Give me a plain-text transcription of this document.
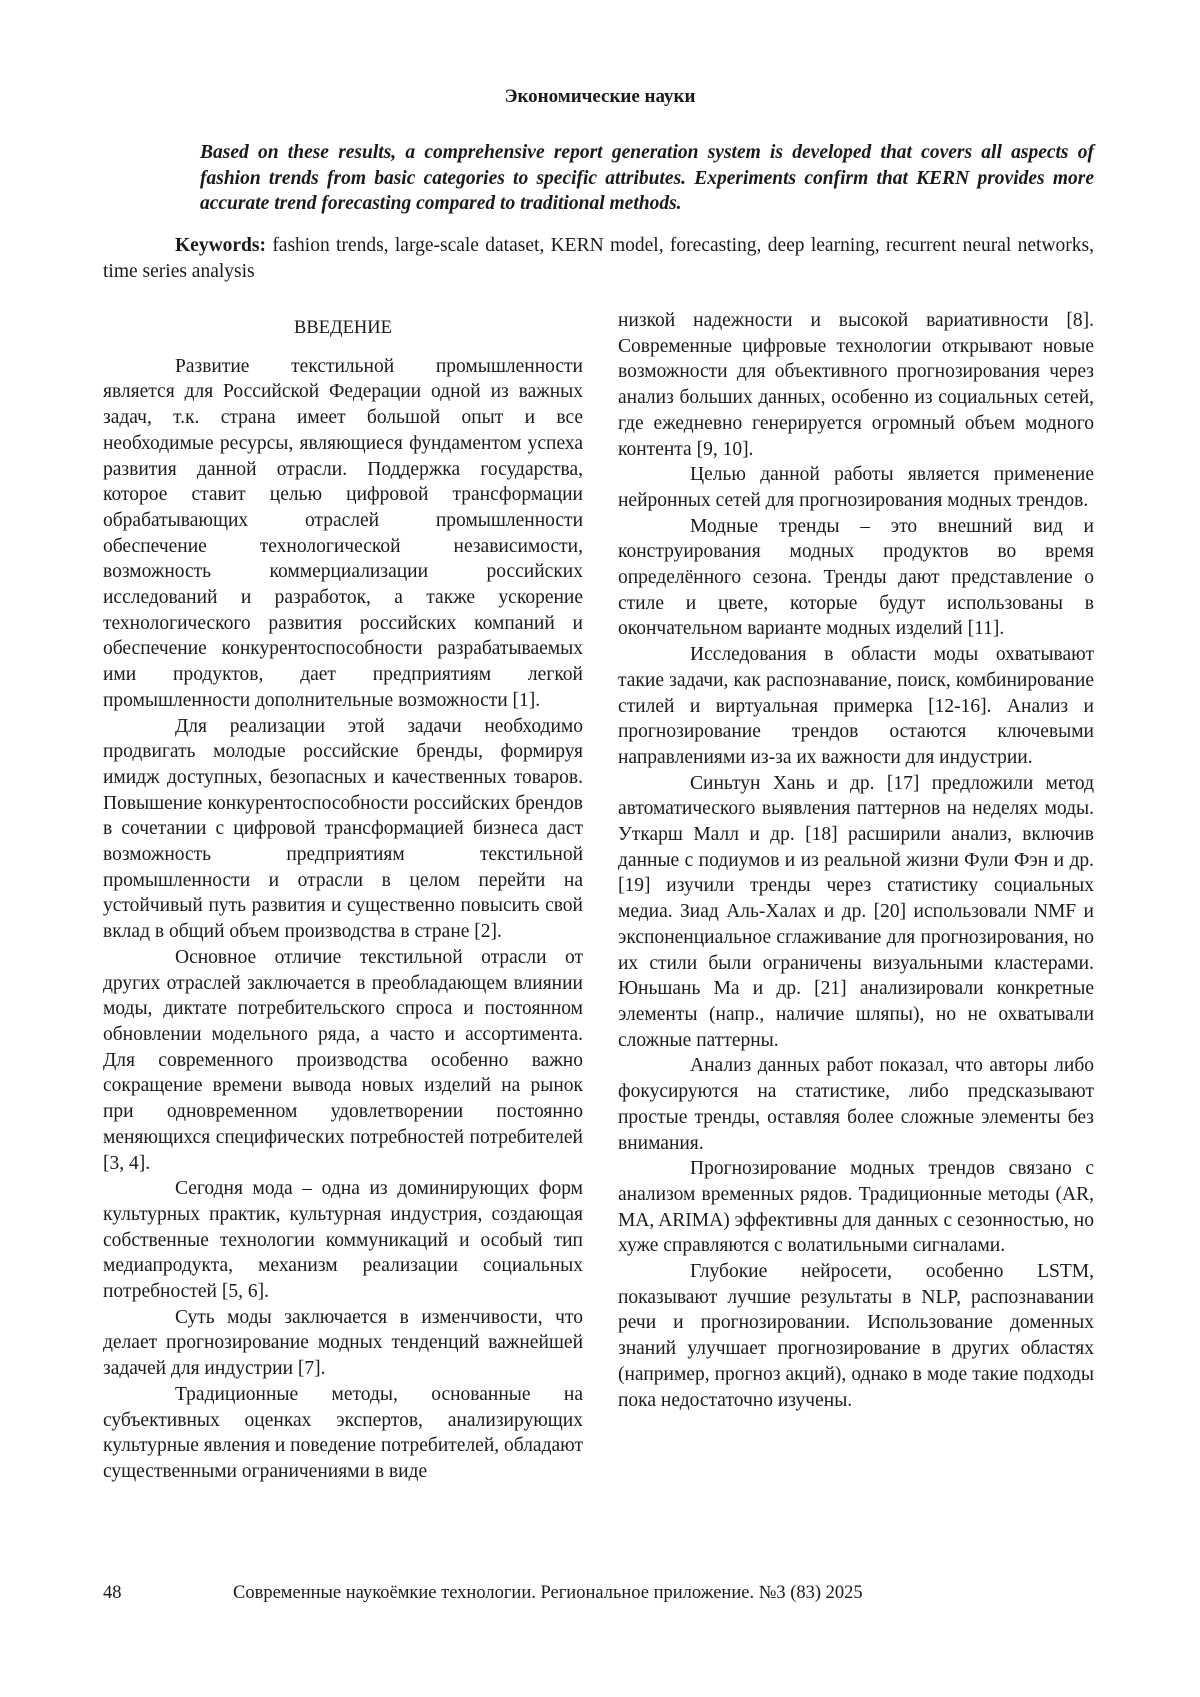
Экономические науки
Based on these results, a comprehensive report generation system is developed that covers all aspects of fashion trends from basic categories to specific attributes. Experiments confirm that KERN provides more accurate trend forecasting compared to traditional methods.
Keywords: fashion trends, large-scale dataset, KERN model, forecasting, deep learning, recurrent neural networks, time series analysis
ВВЕДЕНИЕ

Развитие текстильной промышленности является для Российской Федерации одной из важных задач, т.к. страна имеет большой опыт и все необходимые ресурсы, являющиеся фундаментом успеха развития данной отрасли. Поддержка государства, которое ставит целью цифровой трансформации обрабатывающих отраслей промышленности обеспечение технологической независимости, возможность коммерциализации российских исследований и разработок, а также ускорение технологического развития российских компаний и обеспечение конкурентоспособности разрабатываемых ими продуктов, дает предприятиям легкой промышленности дополнительные возможности [1].

Для реализации этой задачи необходимо продвигать молодые российские бренды, формируя имидж доступных, безопасных и качественных товаров. Повышение конкурентоспособности российских брендов в сочетании с цифровой трансформацией бизнеса даст возможность предприятиям текстильной промышленности и отрасли в целом перейти на устойчивый путь развития и существенно повысить свой вклад в общий объем производства в стране [2].

Основное отличие текстильной отрасли от других отраслей заключается в преобладающем влиянии моды, диктате потребительского спроса и постоянном обновлении модельного ряда, а часто и ассортимента. Для современного производства особенно важно сокращение времени вывода новых изделий на рынок при одновременном удовлетворении постоянно меняющихся специфических потребностей потребителей [3, 4].

Сегодня мода – одна из доминирующих форм культурных практик, культурная индустрия, создающая собственные технологии коммуникаций и особый тип медиапродукта, механизм реализации социальных потребностей [5, 6].

Суть моды заключается в изменчивости, что делает прогнозирование модных тенденций важнейшей задачей для индустрии [7].

Традиционные методы, основанные на субъективных оценках экспертов, анализирующих культурные явления и поведение потребителей, обладают существенными ограничениями в виде

низкой надежности и высокой вариативности [8]. Современные цифровые технологии открывают новые возможности для объективного прогнозирования через анализ больших данных, особенно из социальных сетей, где ежедневно генерируется огромный объем модного контента [9, 10].

Целью данной работы является применение нейронных сетей для прогнозирования модных трендов.

Модные тренды – это внешний вид и конструирования модных продуктов во время определённого сезона. Тренды дают представление о стиле и цвете, которые будут использованы в окончательном варианте модных изделий [11].

Исследования в области моды охватывают такие задачи, как распознавание, поиск, комбинирование стилей и виртуальная примерка [12-16]. Анализ и прогнозирование трендов остаются ключевыми направлениями из-за их важности для индустрии.

Синьтун Хань и др. [17] предложили метод автоматического выявления паттернов на неделях моды. Уткарш Малл и др. [18] расширили анализ, включив данные с подиумов и из реальной жизни Фули Фэн и др. [19] изучили тренды через статистику социальных медиа. Зиад Аль-Халах и др. [20] использовали NMF и экспоненциальное сглаживание для прогнозирования, но их стили были ограничены визуальными кластерами. Юньшань Ма и др. [21] анализировали конкретные элементы (напр., наличие шляпы), но не охватывали сложные паттерны.

Анализ данных работ показал, что авторы либо фокусируются на статистике, либо предсказывают простые тренды, оставляя более сложные элементы без внимания.

Прогнозирование модных трендов связано с анализом временных рядов. Традиционные методы (AR, MA, ARIMA) эффективны для данных с сезонностью, но хуже справляются с волатильными сигналами.

Глубокие нейросети, особенно LSTM, показывают лучшие результаты в NLP, распознавании речи и прогнозировании. Использование доменных знаний улучшает прогнозирование в других областях (например, прогноз акций), однако в моде такие подходы пока недостаточно изучены.

48	Современные наукоёмкие технологии. Региональное приложение. №3 (83) 2025
